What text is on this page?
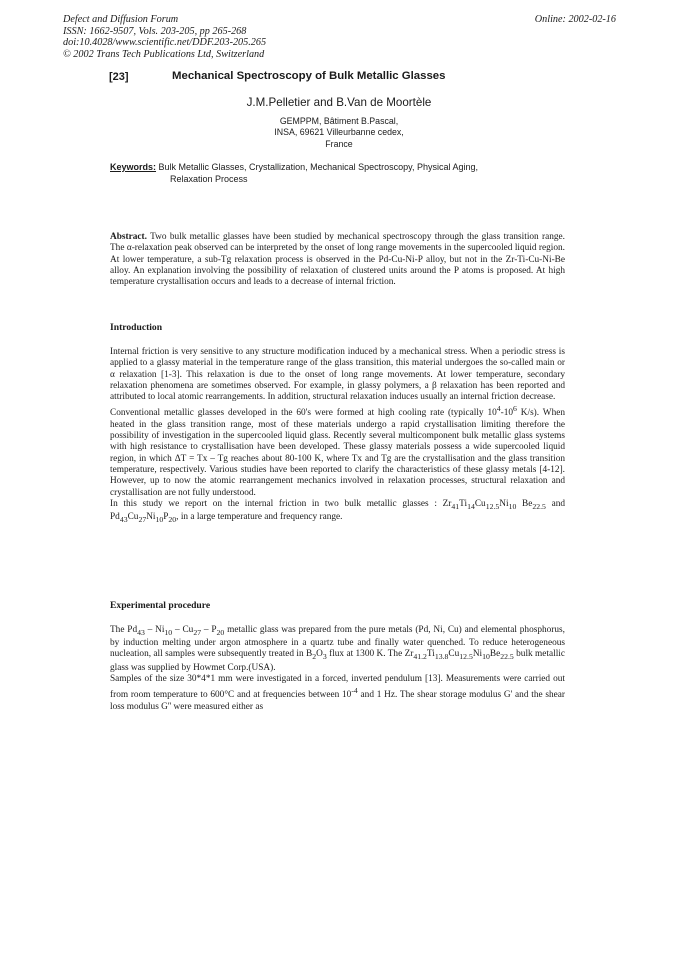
Defect and Diffusion Forum
ISSN: 1662-9507, Vols. 203-205, pp 265-268
doi:10.4028/www.scientific.net/DDF.203-205.265
© 2002 Trans Tech Publications Ltd, Switzerland
Online: 2002-02-16
[23]	Mechanical Spectroscopy of Bulk Metallic Glasses
J.M.Pelletier and B.Van de Moortèle
GEMPPM, Bâtiment B.Pascal,
INSA, 69621 Villeurbanne cedex,
France
Keywords: Bulk Metallic Glasses, Crystallization, Mechanical Spectroscopy, Physical Aging,
Relaxation Process

Abstract. Two bulk metallic glasses have been studied by mechanical spectroscopy through the glass transition range. The α-relaxation peak observed can be interpreted by the onset of long range movements in the supercooled liquid region. At lower temperature, a sub-Tg relaxation process is observed in the Pd-Cu-Ni-P alloy, but not in the Zr-Ti-Cu-Ni-Be alloy. An explanation involving the possibility of relaxation of clustered units around the P atoms is proposed. At high temperature crystallisation occurs and leads to a decrease of internal friction.

Introduction

Internal friction is very sensitive to any structure modification induced by a mechanical stress. When a periodic stress is applied to a glassy material in the temperature range of the glass transition, this material undergoes the so-called main or α relaxation [1-3]. This relaxation is due to the onset of long range movements. At lower temperature, secondary relaxation phenomena are sometimes observed. For example, in glassy polymers, a β relaxation has been reported and attributed to local atomic rearrangements. In addition, structural relaxation induces usually an internal friction decrease.

Conventional metallic glasses developed in the 60's were formed at high cooling rate (typically $10^4-10^6$ K/s). When heated in the glass transition range, most of these materials undergo a rapid crystallisation limiting therefore the possibility of investigation in the supercooled liquid glass. Recently several multicomponent bulk metallic glass systems with high resistance to crystallisation have been developed. These glassy materials possess a wide supercooled liquid region, in which ΔT = Tx – Tg reaches about 80-100 K, where Tx and Tg are the crystallisation and the glass transition temperature, respectively. Various studies have been reported to clarify the characteristics of these glassy metals [4-12]. However, up to now the atomic rearrangement mechanics involved in relaxation processes, structural relaxation and crystallisation are not fully understood.

In this study we report on the internal friction in two bulk metallic glasses : $Zr_{41}Ti_{14}Cu_{12.5}Ni_{10}$ $Be_{22.5}$ and $Pd_{43}Cu_{27}Ni_{10}P_{20}$, in a large temperature and frequency range.

Experimental procedure

The $Pd_{43} - Ni_{10} - Cu_{27} - P_{20}$ metallic glass was prepared from the pure metals (Pd, Ni, Cu) and elemental phosphorus, by induction melting under argon atmosphere in a quartz tube and finally water quenched. To reduce heterogeneous nucleation, all samples were subsequently treated in $B_2O_3$ flux at 1300 K. The $Zr_{41.2}Ti_{13.8}Cu_{12.5}Ni_{10}Be_{22.5}$ bulk metallic glass was supplied by Howmet Corp.(USA).

Samples of the size 30*4*1 mm were investigated in a forced, inverted pendulum [13]. Measurements were carried out from room temperature to 600°C and at frequencies between $10^{-4}$ and 1 Hz. The shear storage modulus G' and the shear loss modulus G'' were measured either as
